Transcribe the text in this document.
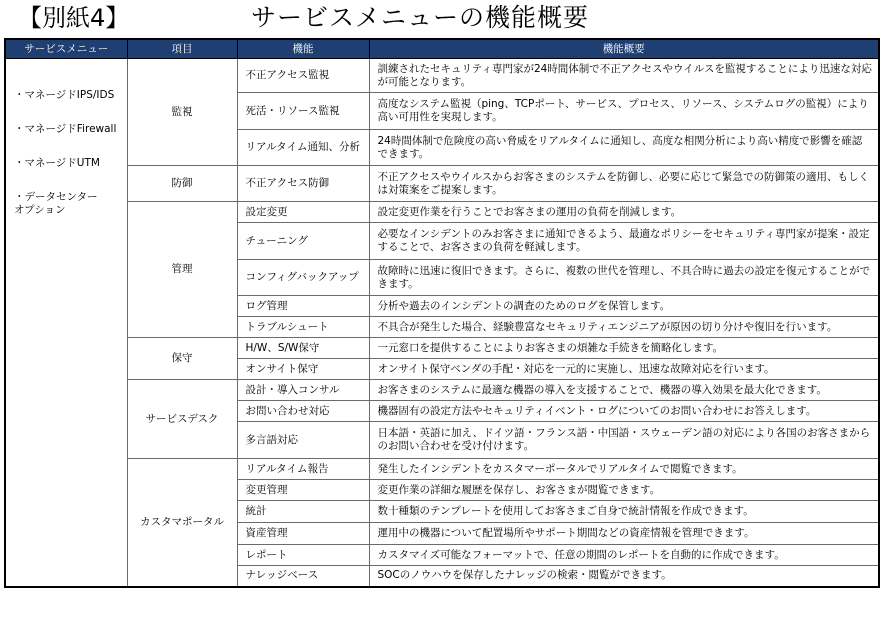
【別紙4】	サービスメニューの機能概要
サービスメニュー	項目	機能	機能概要

・マネージドIPS/IDS
・マネージドFirewall
・マネージドUTM
・データセンター
オプション	監視	不正アクセス監視	訓練されたセキュリティ専門家が24時間体制で不正アクセスやウイルスを監視することにより迅速な対応が可能となります。
		死活・リソース監視	高度なシステム監視（ping、TCPポート、サービス、プロセス、リソース、システムログの監視）により高い可用性を実現します。
		リアルタイム通知、分析	24時間体制で危険度の高い脅威をリアルタイムに通知し、高度な相関分析により高い精度で影響を確認できます。
	防御	不正アクセス防御	不正アクセスやウイルスからお客さまのシステムを防御し、必要に応じて緊急での防御策の適用、もしくは対策案をご提案します。
	管理	設定変更	設定変更作業を行うことでお客さまの運用の負荷を削減します。
		チューニング	必要なインシデントのみお客さまに通知できるよう、最適なポリシーをセキュリティ専門家が提案・設定することで、お客さまの負荷を軽減します。
		コンフィグバックアップ	故障時に迅速に復旧できます。さらに、複数の世代を管理し、不具合時に過去の設定を復元することができます。
		ログ管理	分析や過去のインシデントの調査のためのログを保管します。
		トラブルシュート	不具合が発生した場合、経験豊富なセキュリティエンジニアが原因の切り分けや復旧を行います。
	保守	H/W、S/W保守	一元窓口を提供することによりお客さまの煩雑な手続きを簡略化します。
		オンサイト保守	オンサイト保守ベンダの手配・対応を一元的に実施し、迅速な故障対応を行います。
	サービスデスク	設計・導入コンサル	お客さまのシステムに最適な機器の導入を支援することで、機器の導入効果を最大化できます。
		お問い合わせ対応	機器固有の設定方法やセキュリティイベント・ログについてのお問い合わせにお答えします。
		多言語対応	日本語・英語に加え、ドイツ語・フランス語・中国語・スウェーデン語の対応により各国のお客さまからのお問い合わせを受け付けます。
	カスタマポータル	リアルタイム報告	発生したインシデントをカスタマーポータルでリアルタイムで閲覧できます。
		変更管理	変更作業の詳細な履歴を保存し、お客さまが閲覧できます。
		統計	数十種類のテンプレートを使用してお客さまご自身で統計情報を作成できます。
		資産管理	運用中の機器について配置場所やサポート期間などの資産情報を管理できます。
		レポート	カスタマイズ可能なフォーマットで、任意の期間のレポートを自動的に作成できます。
		ナレッジベース	SOCのノウハウを保存したナレッジの検索・閲覧ができます。
